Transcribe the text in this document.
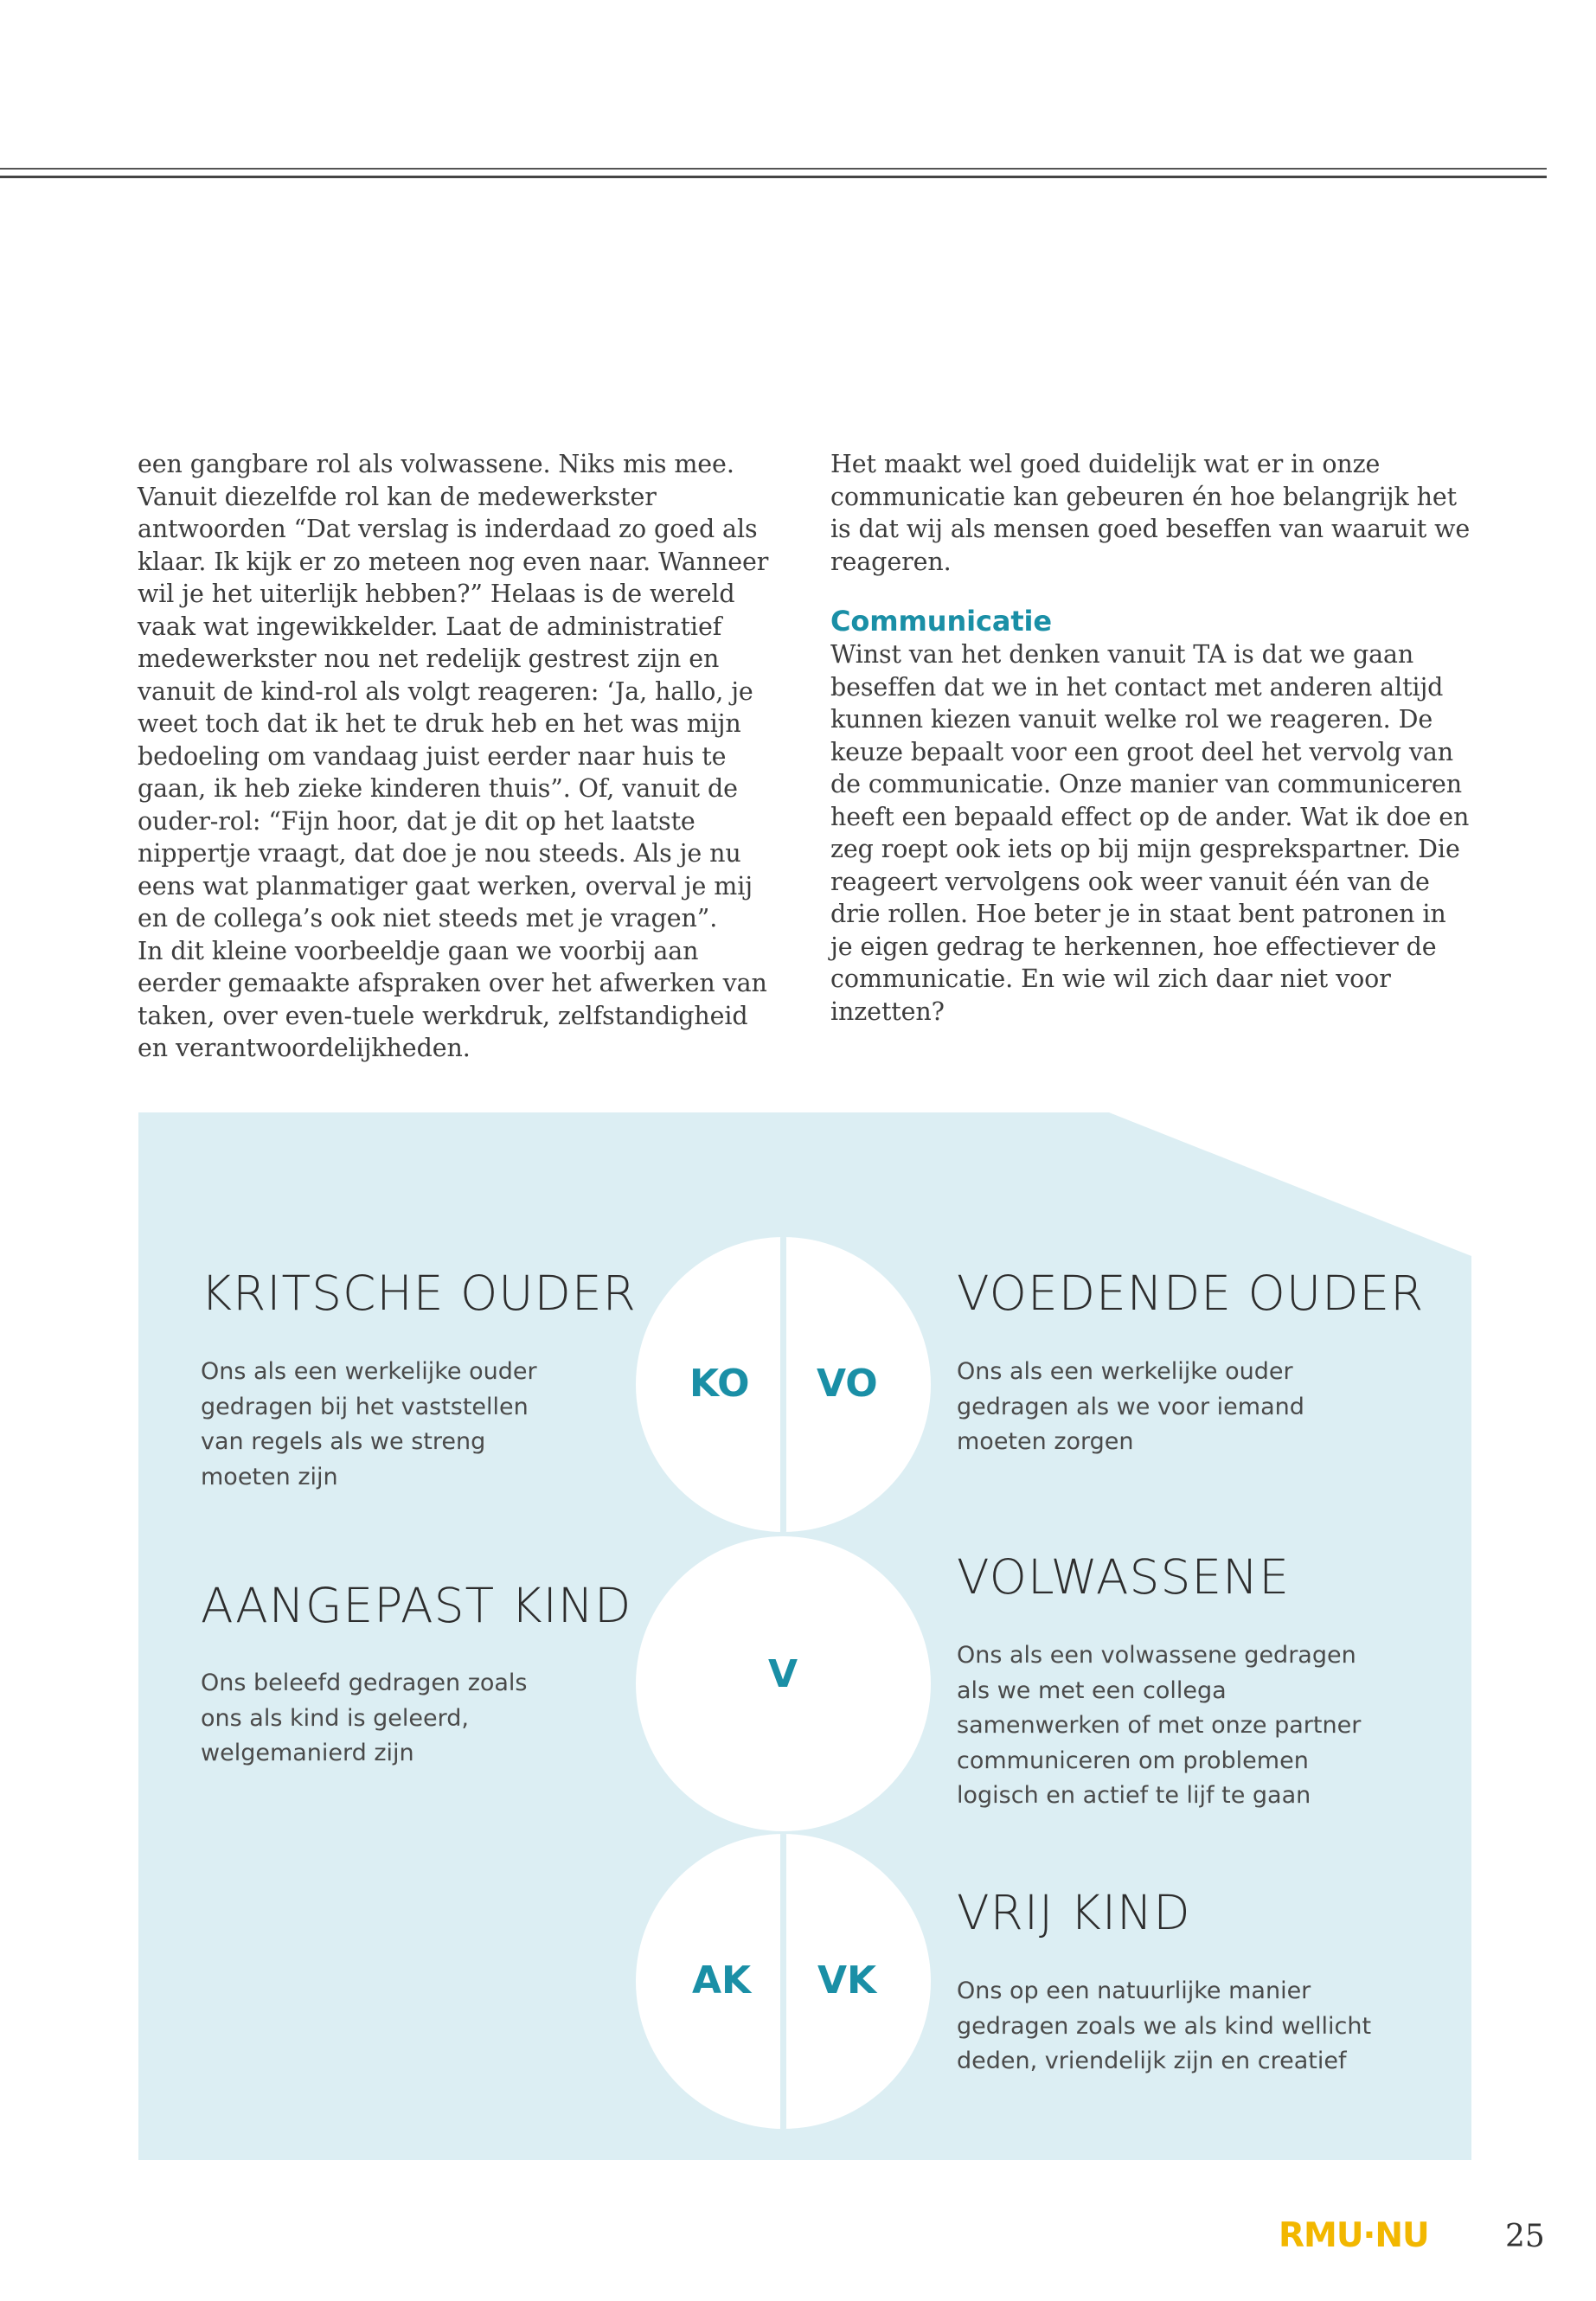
een gangbare rol als volwassene. Niks mis mee. Vanuit diezelfde rol kan de medewerkster antwoorden “Dat verslag is inderdaad zo goed als klaar. Ik kijk er zo meteen nog even naar. Wanneer wil je het uiterlijk hebben?” Helaas is de wereld vaak wat ingewikkelder. Laat de administratief medewerkster nou net redelijk gestrest zijn en vanuit de kind-rol als volgt reageren: ‘Ja, hallo, je weet toch dat ik het te druk heb en het was mijn bedoeling om vandaag juist eerder naar huis te gaan, ik heb zieke kinderen thuis”. Of, vanuit de ouder-rol: “Fijn hoor, dat je dit op het laatste nippertje vraagt, dat doe je nou steeds. Als je nu eens wat planmatiger gaat werken, overval je mij en de collega’s ook niet steeds met je vragen”.

In dit kleine voorbeeldje gaan we voorbij aan eerder gemaakte afspraken over het afwerken van taken, over even-tuele werkdruk, zelfstandigheid en verantwoordelijkheden.

Het maakt wel goed duidelijk wat er in onze communicatie kan gebeuren én hoe belangrijk het is dat wij als mensen goed beseffen van waaruit we reageren.

Communicatie

Winst van het denken vanuit TA is dat we gaan beseffen dat we in het contact met anderen altijd kunnen kiezen vanuit welke rol we reageren. De keuze bepaalt voor een groot deel het vervolg van de communicatie. Onze manier van communiceren heeft een bepaald effect op de ander. Wat ik doe en zeg roept ook iets op bij mijn gesprekspartner. Die reageert vervolgens ook weer vanuit één van de drie rollen. Hoe beter je in staat bent patronen in je eigen gedrag te herkennen, hoe effectiever de communicatie. En wie wil zich daar niet voor inzetten?

KRITSCHE OUDER

Ons als een werkelijke ouder gedragen bij het vaststellen van regels als we streng moeten zijn

VOEDENDE OUDER

Ons als een werkelijke ouder gedragen als we voor iemand moeten zorgen

AANGEPAST KIND

Ons beleefd gedragen zoals ons als kind is geleerd, welgemanierd zijn

VOLWASSENE

Ons als een volwassene gedragen als we met een collega samenwerken of met onze partner communiceren om problemen logisch en actief te lijf te gaan

VRIJ KIND

Ons op een natuurlijke manier gedragen zoals we als kind wellicht deden, vriendelijk zijn en creatief

KO VO
V
AK VK
RMU·NU 25
